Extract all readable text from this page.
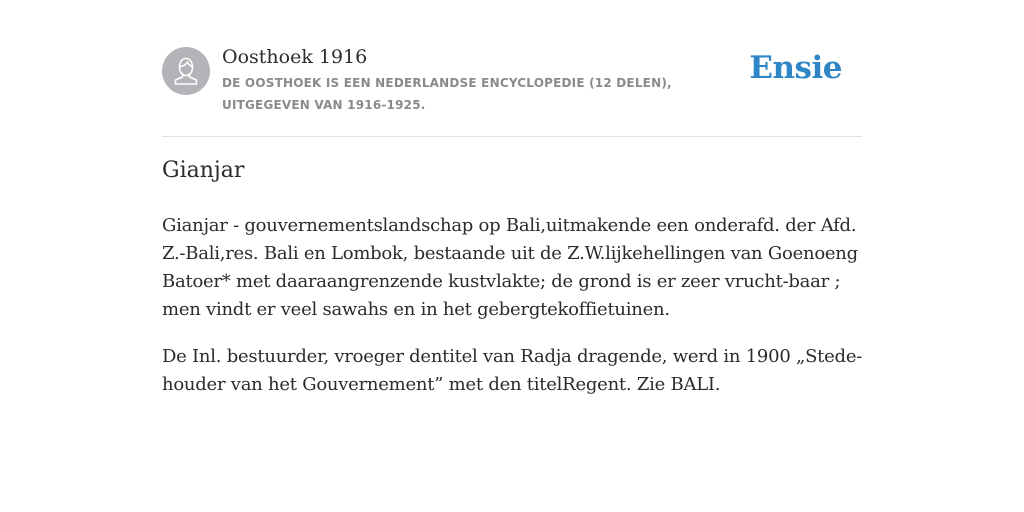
Oosthoek 1916
DE OOSTHOEK IS EEN NEDERLANDSE ENCYCLOPEDIE (12 DELEN), UITGEGEVEN VAN 1916-1925.
Ensie
Gianjar

Gianjar - gouvernementslandschap op Bali,uitmakende een onderafd. der Afd. Z.-Bali,res. Bali en Lombok, bestaande uit de Z.W.lijkehellingen van Goenoeng Batoer* met daaraangrenzende kustvlakte; de grond is er zeer vrucht-baar ; men vindt er veel sawahs en in het gebergtekoffietuinen.

De Inl. bestuurder, vroeger dentitel van Radja dragende, werd in 1900 „Stede-houder van het Gouvernement” met den titelRegent. Zie BALI.
